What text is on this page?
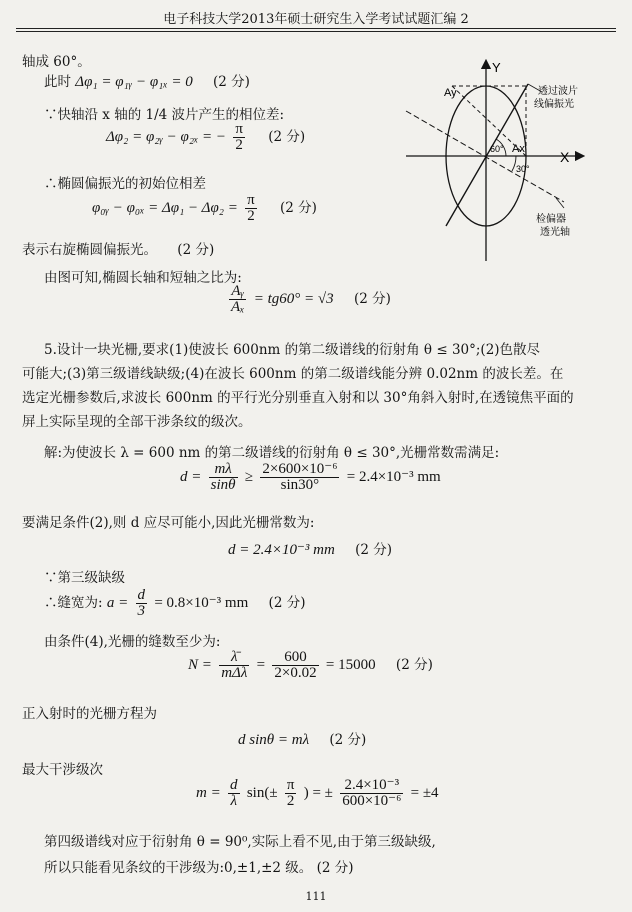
电子科技大学2013年硕士研究生入学考试试题汇编 2
轴成 60°。
此时 Δφ₁ = φ₁ᵧ − φ₁ₓ = 0 (2 分)
∵快轴沿 x 轴的 1/4 波片产生的相位差:
Δφ₂ = φ₂ᵧ − φ₂ₓ = − $\frac{\pi}{2} (2$ 分)
∴椭圆偏振光的初始位相差
φ₀ᵧ − $\varphi_{0x} = \Delta\varphi_1 - \Delta\varphi_2 = \frac{\pi}{2} (2$ 分)
表示右旋椭圆偏振光。 (2 分)
由图可知,椭圆长轴和短轴之比为:
$\frac{\text{Aᵧ}}{\text{Aₓ}} = tg60^\circ = √3$ (2 分)
Y
X
Ay
Ax
60°
30°
透过波片
线偏振光
检偏器
透光轴
5.设计一块光栅,要求(1)使波长 600nm 的第二级谱线的衍射角 θ ≤ 30°;(2)色散尽
可能大;(3)第三级谱线缺级;(4)在波长 600nm 的第二级谱线能分辨 0.02nm 的波长差。在
选定光栅参数后,求波长 600nm 的平行光分别垂直入射和以 30°角斜入射时,在透镜焦平面的
屏上实际呈现的全部干涉条纹的级次。
解:为使波长 λ = 600 nm 的第二级谱线的衍射角 θ ≤ 30°,光栅常数需满足:
$d = \frac{m\lambda}{\sin\theta} \ge \frac{\text{2×600×10⁻⁶}}{\sin 30^\circ} = 2.4\times 10^{-3}$ mm
要满足条件(2),则 d 应尽可能小,因此光栅常数为:
d = 2.4×10⁻³ mm (2 分)
∵第三级缺级
∴缝宽为: $a = \frac{d}{3} = 0.8\times 10^{-3}$ mm (2 分)
由条件(4),光栅的缝数至少为:
$N = \frac{\lambdā}{\text{mΔλ}} = \frac{600}{2\times 0.02} = 15000$ (2 分)
正入射时的光栅方程为
d sinθ = mλ (2 分)
最大干涉级次
$m = \frac{d}{\lambda} \sin(\pm \frac{\pi}{2}$ ) = ± $\frac{\text{2.4×10⁻³}}{\text{600×10⁻⁶}} = \pm 4$
第四级谱线对应于衍射角 θ = 90⁰,实际上看不见,由于第三级缺级,
所以只能看见条纹的干涉级为:0,±1,±2 级。 (2 分)
111
